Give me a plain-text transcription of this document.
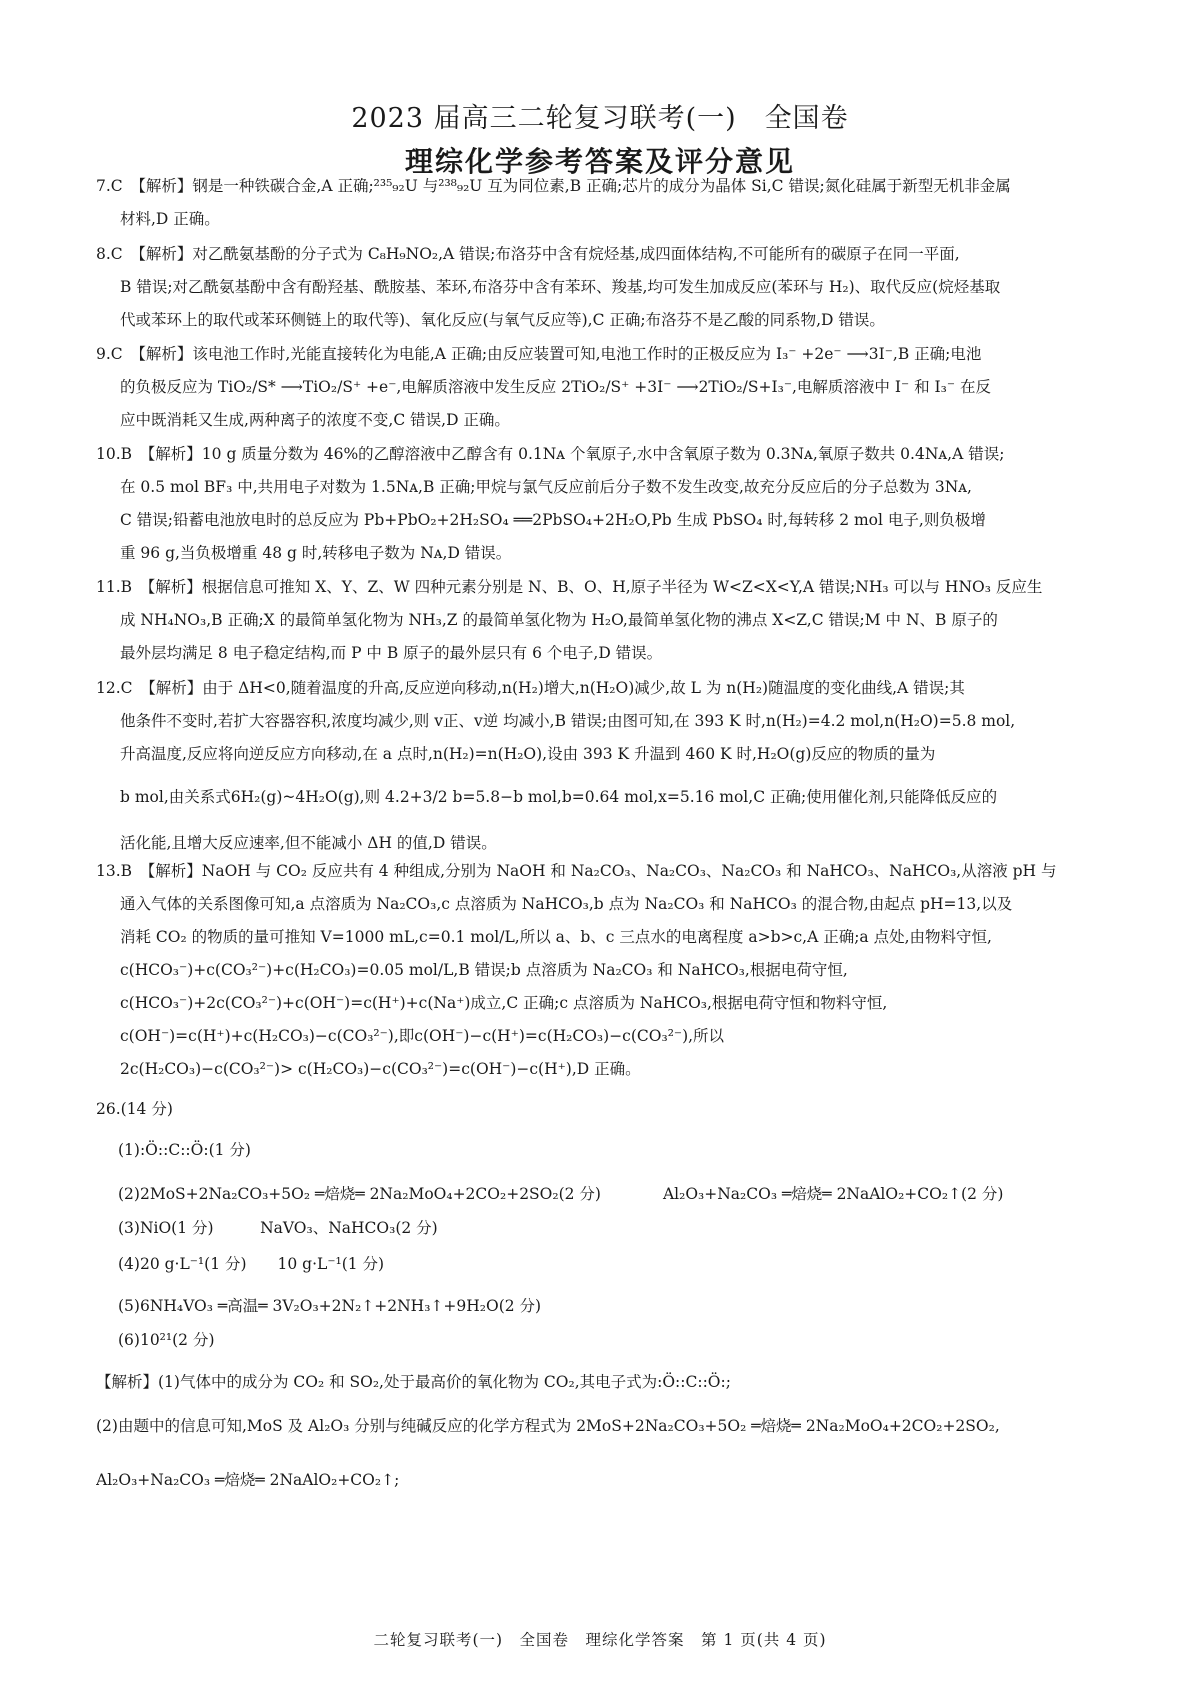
2023 届高三二轮复习联考(一)　全国卷
理综化学参考答案及评分意见
7.C　【解析】钢是一种铁碳合金,A 正确;²³⁵₉₂U 与²³⁸₉₂U 互为同位素,B 正确;芯片的成分为晶体 Si,C 错误;氮化硅属于新型无机非金属
材料,D 正确。
8.C　【解析】对乙酰氨基酚的分子式为 C₈H₉NO₂,A 错误;布洛芬中含有烷烃基,成四面体结构,不可能所有的碳原子在同一平面,
B 错误;对乙酰氨基酚中含有酚羟基、酰胺基、苯环,布洛芬中含有苯环、羧基,均可发生加成反应(苯环与 H₂)、取代反应(烷烃基取
代或苯环上的取代或苯环侧链上的取代等)、氧化反应(与氧气反应等),C 正确;布洛芬不是乙酸的同系物,D 错误。
9.C　【解析】该电池工作时,光能直接转化为电能,A 正确;由反应装置可知,电池工作时的正极反应为 I₃⁻ +2e⁻ ⟶3I⁻,B 正确;电池
的负极反应为 TiO₂/S* ⟶TiO₂/S⁺ +e⁻,电解质溶液中发生反应 2TiO₂/S⁺ +3I⁻ ⟶2TiO₂/S+I₃⁻,电解质溶液中 I⁻ 和 I₃⁻ 在反
应中既消耗又生成,两种离子的浓度不变,C 错误,D 正确。
10.B　【解析】10 g 质量分数为 46%的乙醇溶液中乙醇含有 0.1Nᴀ 个氧原子,水中含氧原子数为 0.3Nᴀ,氧原子数共 0.4Nᴀ,A 错误;
在 0.5 mol BF₃ 中,共用电子对数为 1.5Nᴀ,B 正确;甲烷与氯气反应前后分子数不发生改变,故充分反应后的分子总数为 3Nᴀ,
C 错误;铅蓄电池放电时的总反应为 Pb+PbO₂+2H₂SO₄ ══2PbSO₄+2H₂O,Pb 生成 PbSO₄ 时,每转移 2 mol 电子,则负极增
重 96 g,当负极增重 48 g 时,转移电子数为 Nᴀ,D 错误。
11.B　【解析】根据信息可推知 X、Y、Z、W 四种元素分别是 N、B、O、H,原子半径为 W<Z<X<Y,A 错误;NH₃ 可以与 HNO₃ 反应生
成 NH₄NO₃,B 正确;X 的最简单氢化物为 NH₃,Z 的最简单氢化物为 H₂O,最简单氢化物的沸点 X<Z,C 错误;M 中 N、B 原子的
最外层均满足 8 电子稳定结构,而 P 中 B 原子的最外层只有 6 个电子,D 错误。
12.C　【解析】由于 ΔH<0,随着温度的升高,反应逆向移动,n(H₂)增大,n(H₂O)减少,故 L 为 n(H₂)随温度的变化曲线,A 错误;其
他条件不变时,若扩大容器容积,浓度均减少,则 v正、v逆 均减小,B 错误;由图可知,在 393 K 时,n(H₂)=4.2 mol,n(H₂O)=5.8 mol,
升高温度,反应将向逆反应方向移动,在 a 点时,n(H₂)=n(H₂O),设由 393 K 升温到 460 K 时,H₂O(g)反应的物质的量为
b mol,由关系式6H₂(g)~4H₂O(g),则 4.2+3/2 b=5.8−b mol,b=0.64 mol,x=5.16 mol,C 正确;使用催化剂,只能降低反应的
活化能,且增大反应速率,但不能减小 ΔH 的值,D 错误。
13.B　【解析】NaOH 与 CO₂ 反应共有 4 种组成,分别为 NaOH 和 Na₂CO₃、Na₂CO₃、Na₂CO₃ 和 NaHCO₃、NaHCO₃,从溶液 pH 与
通入气体的关系图像可知,a 点溶质为 Na₂CO₃,c 点溶质为 NaHCO₃,b 点为 Na₂CO₃ 和 NaHCO₃ 的混合物,由起点 pH=13,以及
消耗 CO₂ 的物质的量可推知 V=1000 mL,c=0.1 mol/L,所以 a、b、c 三点水的电离程度 a>b>c,A 正确;a 点处,由物料守恒,
c(HCO₃⁻)+c(CO₃²⁻)+c(H₂CO₃)=0.05 mol/L,B 错误;b 点溶质为 Na₂CO₃ 和 NaHCO₃,根据电荷守恒,
c(HCO₃⁻)+2c(CO₃²⁻)+c(OH⁻)=c(H⁺)+c(Na⁺)成立,C 正确;c 点溶质为 NaHCO₃,根据电荷守恒和物料守恒,
c(OH⁻)=c(H⁺)+c(H₂CO₃)−c(CO₃²⁻),即c(OH⁻)−c(H⁺)=c(H₂CO₃)−c(CO₃²⁻),所以
2c(H₂CO₃)−c(CO₃²⁻)> c(H₂CO₃)−c(CO₃²⁻)=c(OH⁻)−c(H⁺),D 正确。
26.(14 分)
(1):Ö::C::Ö:(1 分)
(2)2MoS+2Na₂CO₃+5O₂ ═焙烧═ 2Na₂MoO₄+2CO₂+2SO₂(2 分)　　　　Al₂O₃+Na₂CO₃ ═焙烧═ 2NaAlO₂+CO₂↑(2 分)
(3)NiO(1 分)　　　NaVO₃、NaHCO₃(2 分)
(4)20 g·L⁻¹(1 分)　　10 g·L⁻¹(1 分)
(5)6NH₄VO₃ ═高温═ 3V₂O₃+2N₂↑+2NH₃↑+9H₂O(2 分)
(6)10²¹(2 分)
【解析】(1)气体中的成分为 CO₂ 和 SO₂,处于最高价的氧化物为 CO₂,其电子式为:Ö::C::Ö:;
(2)由题中的信息可知,MoS 及 Al₂O₃ 分别与纯碱反应的化学方程式为 2MoS+2Na₂CO₃+5O₂ ═焙烧═ 2Na₂MoO₄+2CO₂+2SO₂,
Al₂O₃+Na₂CO₃ ═焙烧═ 2NaAlO₂+CO₂↑;
二轮复习联考(一)　全国卷　理综化学答案　第 1 页(共 4 页)
